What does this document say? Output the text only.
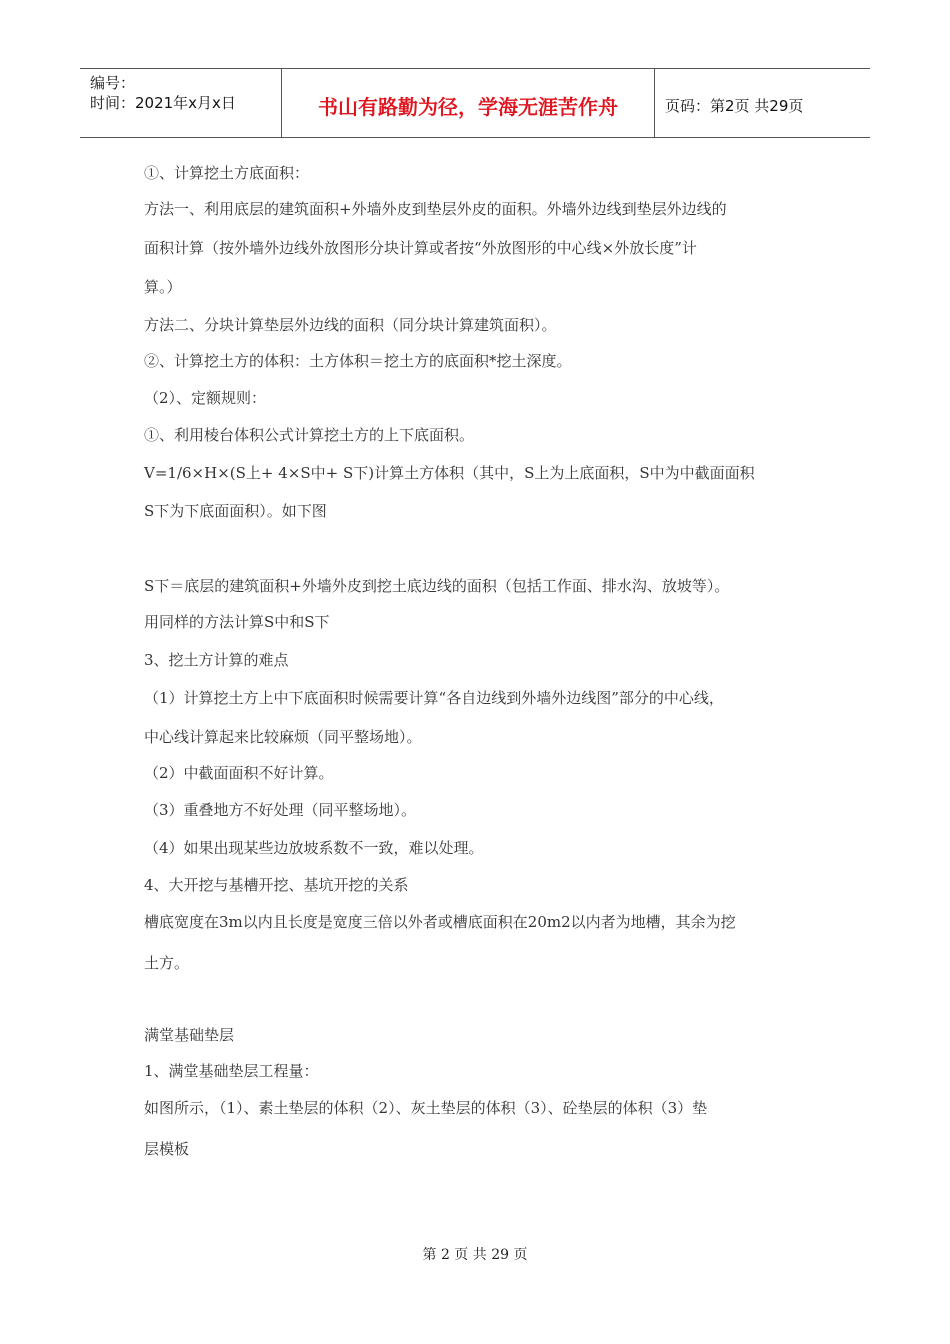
编号：
时间：2021年x月x日	书山有路勤为径，学海无涯苦作舟	页码：第2页 共29页
①、计算挖土方底面积：
方法一、利用底层的建筑面积+外墙外皮到垫层外皮的面积。外墙外边线到垫层外边线的
面积计算（按外墙外边线外放图形分块计算或者按“外放图形的中心线×外放长度”计
算。）
方法二、分块计算垫层外边线的面积（同分块计算建筑面积）。
②、计算挖土方的体积：土方体积＝挖土方的底面积*挖土深度。
（2）、定额规则：
①、利用棱台体积公式计算挖土方的上下底面积。
V=1/6×H×(S上+ 4×S中+ S下)计算土方体积（其中，S上为上底面积，S中为中截面面积
S下为下底面面积）。如下图
S下＝底层的建筑面积+外墙外皮到挖土底边线的面积（包括工作面、排水沟、放坡等）。
用同样的方法计算S中和S下
3、挖土方计算的难点
（1）计算挖土方上中下底面积时候需要计算“各自边线到外墙外边线图”部分的中心线，
中心线计算起来比较麻烦（同平整场地）。
（2）中截面面积不好计算。
（3）重叠地方不好处理（同平整场地）。
（4）如果出现某些边放坡系数不一致，难以处理。
4、大开挖与基槽开挖、基坑开挖的关系
槽底宽度在3m以内且长度是宽度三倍以外者或槽底面积在20m2以内者为地槽，其余为挖
土方。
满堂基础垫层
1、满堂基础垫层工程量：
如图所示，（1）、素土垫层的体积（2）、灰土垫层的体积（3）、砼垫层的体积（3）垫
层模板
第 2 页 共 29 页
